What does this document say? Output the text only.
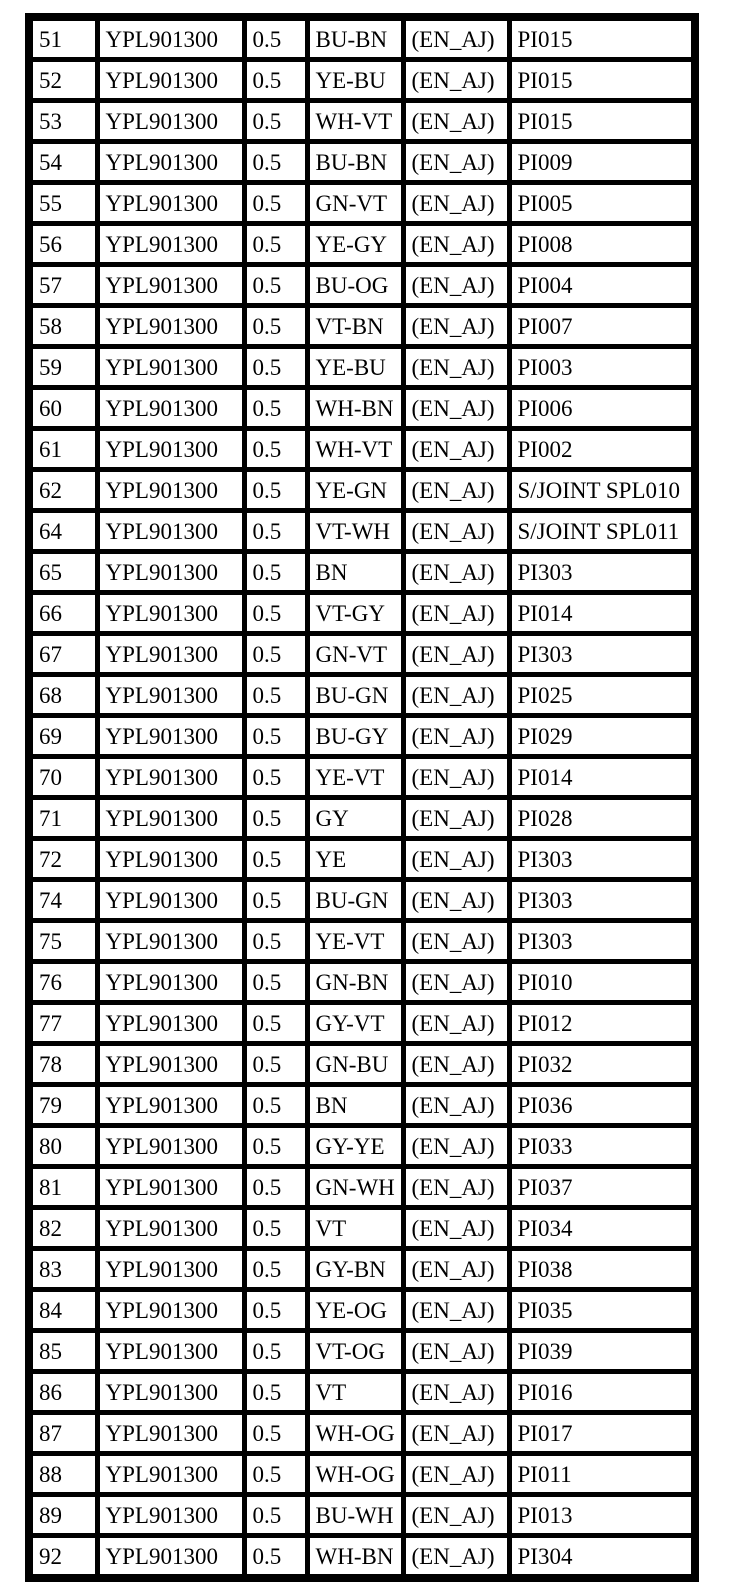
51	YPL901300	0.5	BU-BN	(EN_AJ)	PI015
52	YPL901300	0.5	YE-BU	(EN_AJ)	PI015
53	YPL901300	0.5	WH-VT	(EN_AJ)	PI015
54	YPL901300	0.5	BU-BN	(EN_AJ)	PI009
55	YPL901300	0.5	GN-VT	(EN_AJ)	PI005
56	YPL901300	0.5	YE-GY	(EN_AJ)	PI008
57	YPL901300	0.5	BU-OG	(EN_AJ)	PI004
58	YPL901300	0.5	VT-BN	(EN_AJ)	PI007
59	YPL901300	0.5	YE-BU	(EN_AJ)	PI003
60	YPL901300	0.5	WH-BN	(EN_AJ)	PI006
61	YPL901300	0.5	WH-VT	(EN_AJ)	PI002
62	YPL901300	0.5	YE-GN	(EN_AJ)	S/JOINT SPL010
64	YPL901300	0.5	VT-WH	(EN_AJ)	S/JOINT SPL011
65	YPL901300	0.5	BN	(EN_AJ)	PI303
66	YPL901300	0.5	VT-GY	(EN_AJ)	PI014
67	YPL901300	0.5	GN-VT	(EN_AJ)	PI303
68	YPL901300	0.5	BU-GN	(EN_AJ)	PI025
69	YPL901300	0.5	BU-GY	(EN_AJ)	PI029
70	YPL901300	0.5	YE-VT	(EN_AJ)	PI014
71	YPL901300	0.5	GY	(EN_AJ)	PI028
72	YPL901300	0.5	YE	(EN_AJ)	PI303
74	YPL901300	0.5	BU-GN	(EN_AJ)	PI303
75	YPL901300	0.5	YE-VT	(EN_AJ)	PI303
76	YPL901300	0.5	GN-BN	(EN_AJ)	PI010
77	YPL901300	0.5	GY-VT	(EN_AJ)	PI012
78	YPL901300	0.5	GN-BU	(EN_AJ)	PI032
79	YPL901300	0.5	BN	(EN_AJ)	PI036
80	YPL901300	0.5	GY-YE	(EN_AJ)	PI033
81	YPL901300	0.5	GN-WH	(EN_AJ)	PI037
82	YPL901300	0.5	VT	(EN_AJ)	PI034
83	YPL901300	0.5	GY-BN	(EN_AJ)	PI038
84	YPL901300	0.5	YE-OG	(EN_AJ)	PI035
85	YPL901300	0.5	VT-OG	(EN_AJ)	PI039
86	YPL901300	0.5	VT	(EN_AJ)	PI016
87	YPL901300	0.5	WH-OG	(EN_AJ)	PI017
88	YPL901300	0.5	WH-OG	(EN_AJ)	PI011
89	YPL901300	0.5	BU-WH	(EN_AJ)	PI013
92	YPL901300	0.5	WH-BN	(EN_AJ)	PI304
